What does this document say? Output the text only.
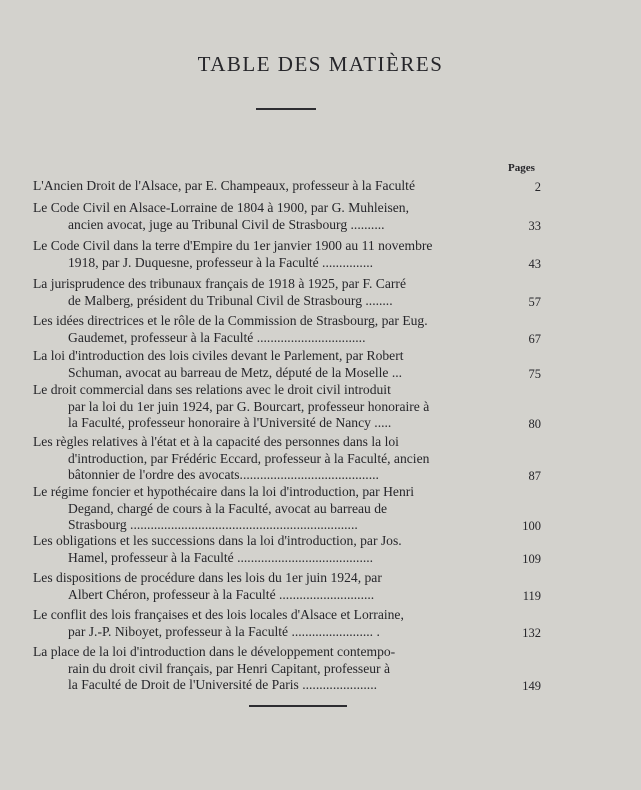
TABLE DES MATIÈRES
Pages
L'Ancien Droit de l'Alsace, par E. Champeaux, professeur à la Faculté	2
Le Code Civil en Alsace-Lorraine de 1804 à 1900, par G. Muhleisen,
ancien avocat, juge au Tribunal Civil de Strasbourg ..........	33
Le Code Civil dans la terre d'Empire du 1er janvier 1900 au 11 novembre
1918, par J. Duquesne, professeur à la Faculté ...............	43
La jurisprudence des tribunaux français de 1918 à 1925, par F. Carré
de Malberg, président du Tribunal Civil de Strasbourg ........	57
Les idées directrices et le rôle de la Commission de Strasbourg, par Eug.
Gaudemet, professeur à la Faculté ................................	67
La loi d'introduction des lois civiles devant le Parlement, par Robert
Schuman, avocat au barreau de Metz, député de la Moselle ...	75
Le droit commercial dans ses relations avec le droit civil introduit
par la loi du 1er juin 1924, par G. Bourcart, professeur honoraire à
la Faculté, professeur honoraire à l'Université de Nancy .....	80
Les règles relatives à l'état et à la capacité des personnes dans la loi
d'introduction, par Frédéric Eccard, professeur à la Faculté, ancien
bâtonnier de l'ordre des avocats.........................................	87
Le régime foncier et hypothécaire dans la loi d'introduction, par Henri
Degand, chargé de cours à la Faculté, avocat au barreau de
Strasbourg ...................................................................	100
Les obligations et les successions dans la loi d'introduction, par Jos.
Hamel, professeur à la Faculté ........................................	109
Les dispositions de procédure dans les lois du 1er juin 1924, par
Albert Chéron, professeur à la Faculté ............................	119
Le conflit des lois françaises et des lois locales d'Alsace et Lorraine,
par J.-P. Niboyet, professeur à la Faculté ........................ .	132
La place de la loi d'introduction dans le développement contempo-
rain du droit civil français, par Henri Capitant, professeur à
la Faculté de Droit de l'Université de Paris ......................	149
